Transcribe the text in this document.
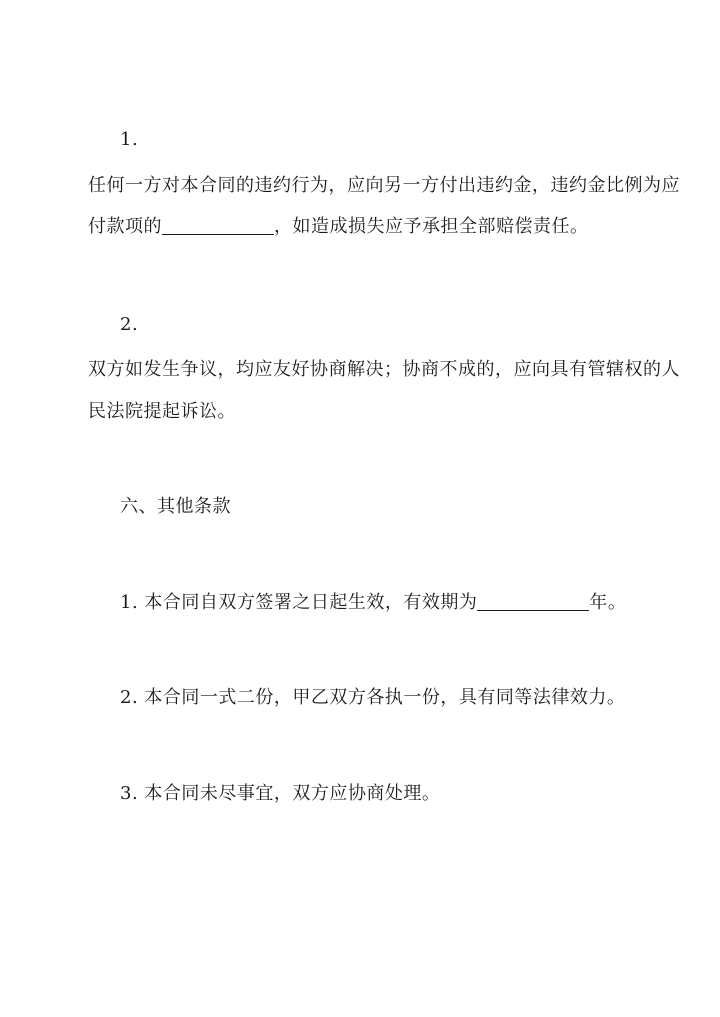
1.
任何一方对本合同的违约行为，应向另一方付出违约金，违约金比例为应
付款项的	，如造成损失应予承担全部赔偿责任。
2.
双方如发生争议，均应友好协商解决；协商不成的，应向具有管辖权的人
民法院提起诉讼。
六、其他条款
1. 本合同自双方签署之日起生效，有效期为	年。
2. 本合同一式二份，甲乙双方各执一份，具有同等法律效力。
3. 本合同未尽事宜，双方应协商处理。
